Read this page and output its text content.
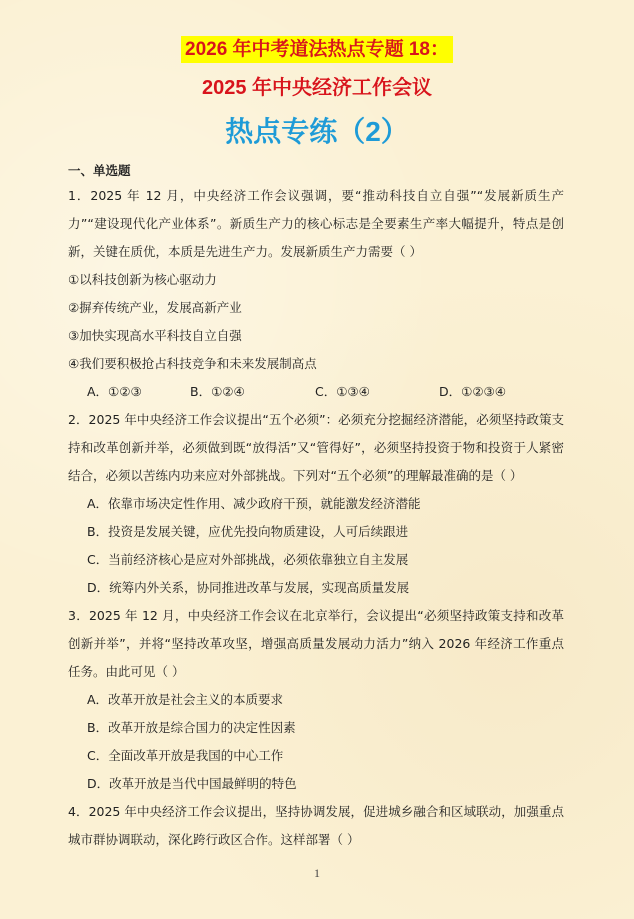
2026 年中考道法热点专题 18：
2025 年中央经济工作会议
热点专练（2）
一、单选题

1．2025 年 12 月，中央经济工作会议强调，要“推动科技自立自强”“发展新质生产力”“建设现代化产业体系”。新质生产力的核心标志是全要素生产率大幅提升，特点是创新，关键在质优，本质是先进生产力。发展新质生产力需要（ ）

①以科技创新为核心驱动力

②摒弃传统产业，发展高新产业

③加快实现高水平科技自立自强

④我们要积极抢占科技竞争和未来发展制高点

A．①②③	B．①②④	C．①③④	D．①②③④

2．2025 年中央经济工作会议提出“五个必须”：必须充分挖掘经济潜能，必须坚持政策支持和改革创新并举，必须做到既“放得活”又“管得好”，必须坚持投资于物和投资于人紧密结合，必须以苦练内功来应对外部挑战。下列对“五个必须”的理解最准确的是（ ）

A．依靠市场决定性作用、减少政府干预，就能激发经济潜能

B．投资是发展关键，应优先投向物质建设，人可后续跟进

C．当前经济核心是应对外部挑战，必须依靠独立自主发展

D．统筹内外关系，协同推进改革与发展，实现高质量发展

3．2025 年 12 月，中央经济工作会议在北京举行，会议提出“必须坚持政策支持和改革创新并举”，并将“坚持改革攻坚，增强高质量发展动力活力”纳入 2026 年经济工作重点任务。由此可见（ ）

A．改革开放是社会主义的本质要求

B．改革开放是综合国力的决定性因素

C．全面改革开放是我国的中心工作

D．改革开放是当代中国最鲜明的特色

4．2025 年中央经济工作会议提出，坚持协调发展，促进城乡融合和区域联动，加强重点城市群协调联动，深化跨行政区合作。这样部署（ ）

1
